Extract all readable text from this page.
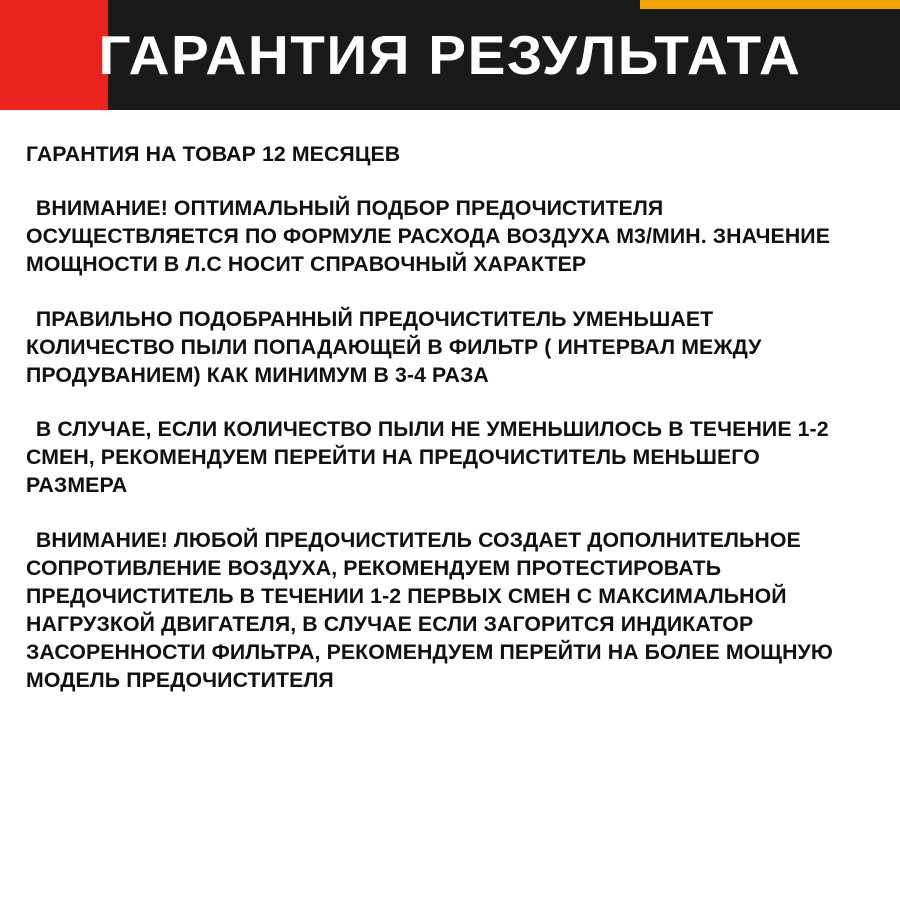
ГАРАНТИЯ РЕЗУЛЬТАТА

ГАРАНТИЯ НА ТОВАР 12 МЕСЯЦЕВ

ВНИМАНИЕ! ОПТИМАЛЬНЫЙ ПОДБОР ПРЕДОЧИСТИТЕЛЯ ОСУЩЕСТВЛЯЕТСЯ ПО ФОРМУЛЕ РАСХОДА ВОЗДУХА М3/МИН. ЗНАЧЕНИЕ МОЩНОСТИ В Л.С НОСИТ СПРАВОЧНЫЙ ХАРАКТЕР

ПРАВИЛЬНО ПОДОБРАННЫЙ ПРЕДОЧИСТИТЕЛЬ УМЕНЬШАЕТ КОЛИЧЕСТВО ПЫЛИ ПОПАДАЮЩЕЙ В ФИЛЬТР ( ИНТЕРВАЛ МЕЖДУ ПРОДУВАНИЕМ) КАК МИНИМУМ В 3-4 РАЗА

В СЛУЧАЕ, ЕСЛИ КОЛИЧЕСТВО ПЫЛИ НЕ УМЕНЬШИЛОСЬ В ТЕЧЕНИЕ 1-2 СМЕН, РЕКОМЕНДУЕМ ПЕРЕЙТИ НА ПРЕДОЧИСТИТЕЛЬ МЕНЬШЕГО РАЗМЕРА

ВНИМАНИЕ! ЛЮБОЙ ПРЕДОЧИСТИТЕЛЬ СОЗДАЕТ ДОПОЛНИТЕЛЬНОЕ СОПРОТИВЛЕНИЕ ВОЗДУХА, РЕКОМЕНДУЕМ ПРОТЕСТИРОВАТЬ ПРЕДОЧИСТИТЕЛЬ В ТЕЧЕНИИ 1-2 ПЕРВЫХ СМЕН С МАКСИМАЛЬНОЙ НАГРУЗКОЙ ДВИГАТЕЛЯ, В СЛУЧАЕ ЕСЛИ ЗАГОРИТСЯ ИНДИКАТОР ЗАСОРЕННОСТИ ФИЛЬТРА, РЕКОМЕНДУЕМ ПЕРЕЙТИ НА БОЛЕЕ МОЩНУЮ МОДЕЛЬ ПРЕДОЧИСТИТЕЛЯ
